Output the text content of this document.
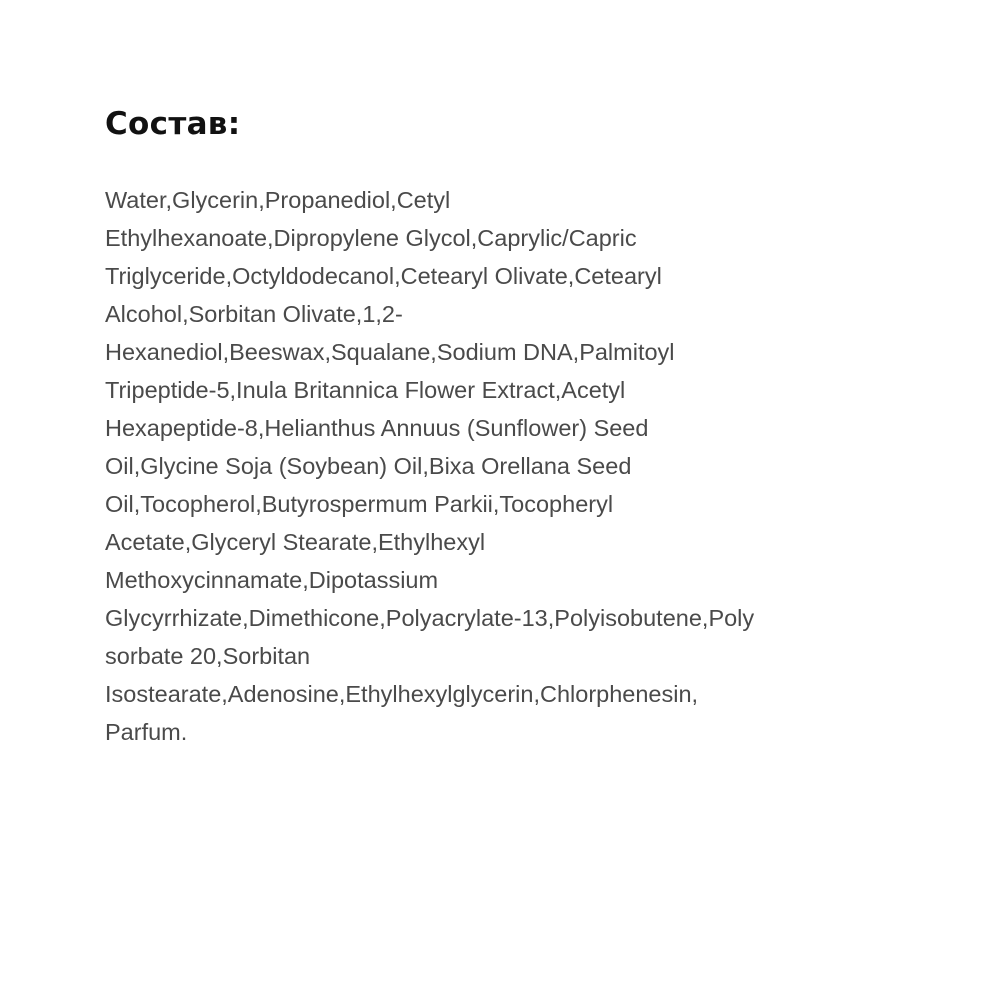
Состав:
Water,Glycerin,Propanediol,Cetyl
Ethylhexanoate,Dipropylene Glycol,Caprylic/Capric
Triglyceride,Octyldodecanol,Cetearyl Olivate,Cetearyl
Alcohol,Sorbitan Olivate,1,2-
Hexanediol,Beeswax,Squalane,Sodium DNA,Palmitoyl
Tripeptide-5,Inula Britannica Flower Extract,Acetyl
Hexapeptide-8,Helianthus Annuus (Sunflower) Seed
Oil,Glycine Soja (Soybean) Oil,Bixa Orellana Seed
Oil,Tocopherol,Butyrospermum Parkii,Tocopheryl
Acetate,Glyceryl Stearate,Ethylhexyl
Methoxycinnamate,Dipotassium
Glycyrrhizate,Dimethicone,Polyacrylate-13,Polyisobutene,Poly
sorbate 20,Sorbitan
Isostearate,Adenosine,Ethylhexylglycerin,Chlorphenesin,
Parfum.
